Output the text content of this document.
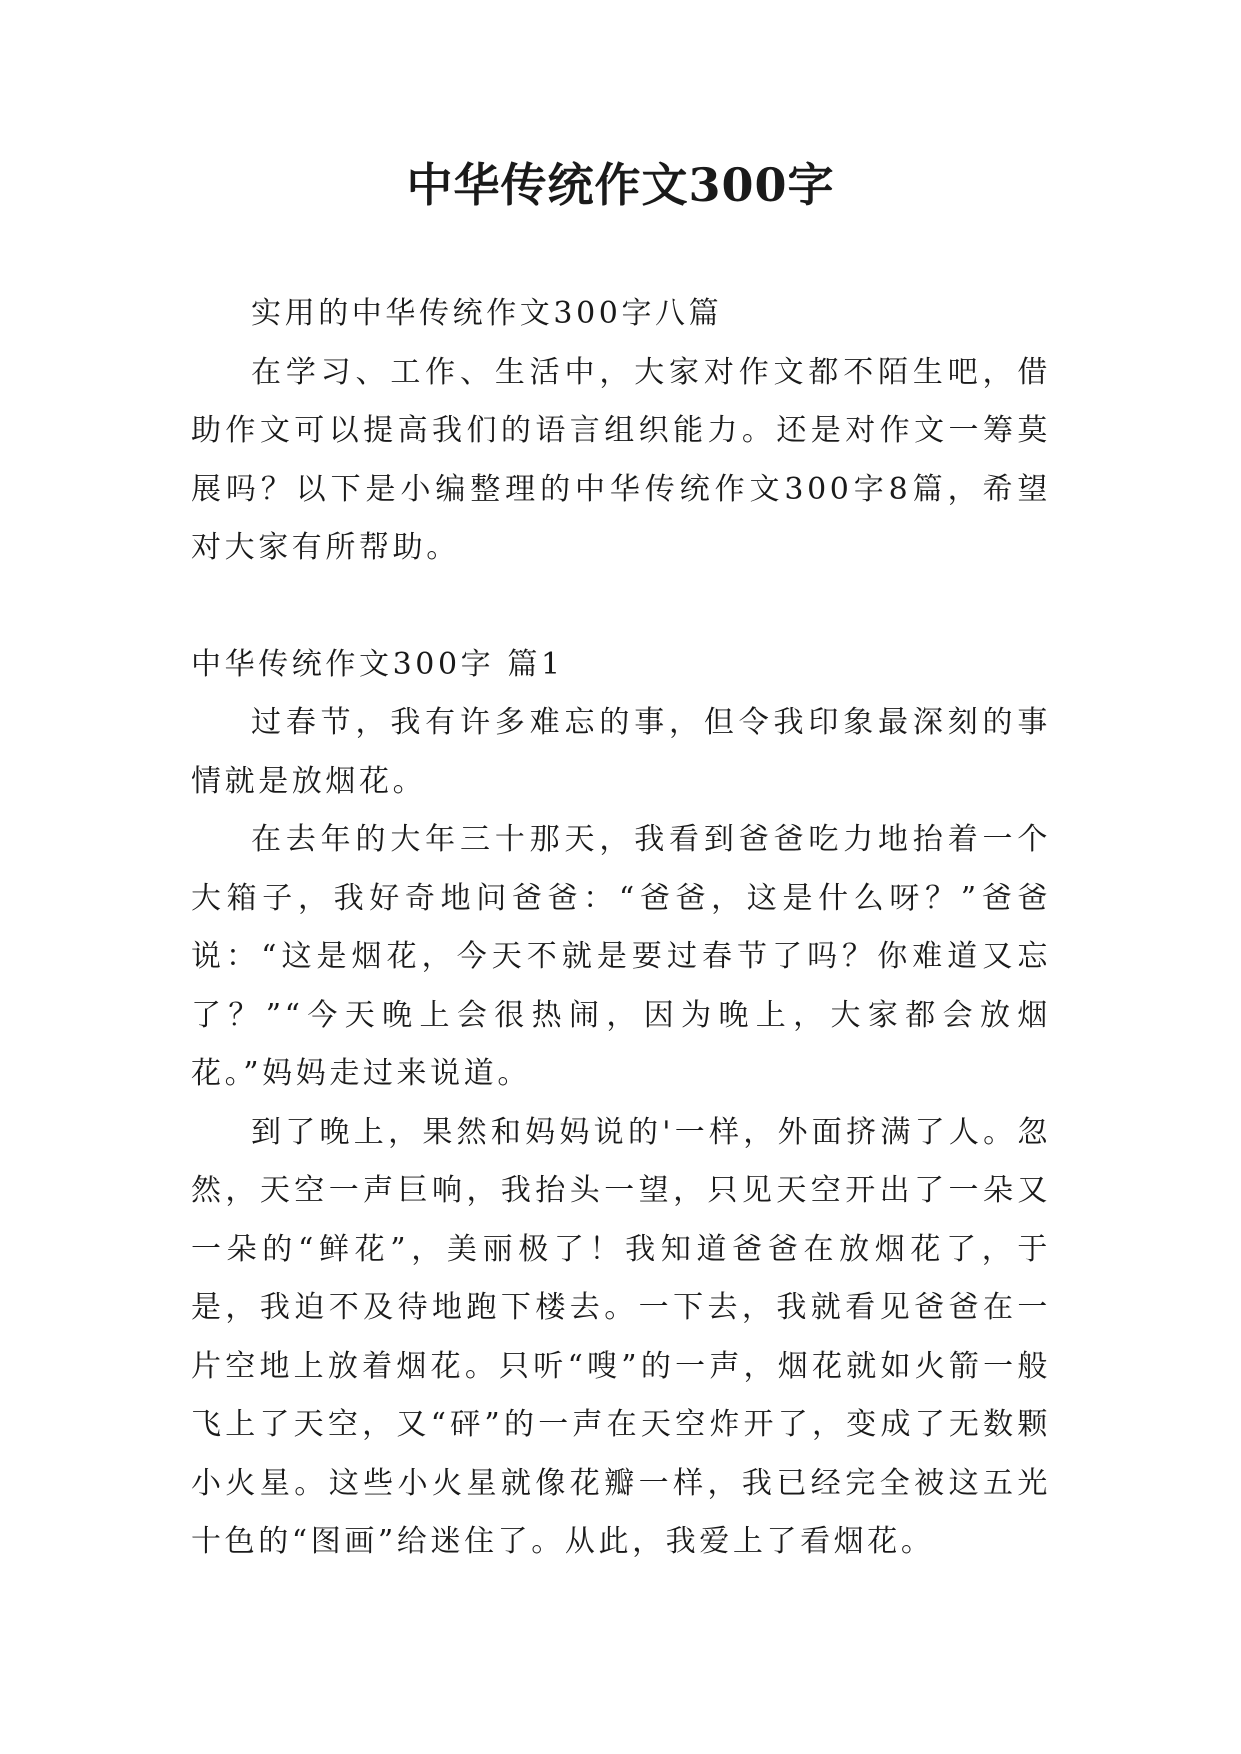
中华传统作文300字

实用的中华传统作文300字八篇

在学习、工作、生活中，大家对作文都不陌生吧，借助作文可以提高我们的语言组织能力。还是对作文一筹莫展吗？以下是小编整理的中华传统作文300字8篇，希望对大家有所帮助。

中华传统作文300字 篇1

过春节，我有许多难忘的事，但令我印象最深刻的事情就是放烟花。

在去年的大年三十那天，我看到爸爸吃力地抬着一个大箱子，我好奇地问爸爸：“爸爸，这是什么呀？”爸爸说：“这是烟花，今天不就是要过春节了吗？你难道又忘了？”“今天晚上会很热闹，因为晚上，大家都会放烟花。”妈妈走过来说道。

到了晚上，果然和妈妈说的'一样，外面挤满了人。忽然，天空一声巨响，我抬头一望，只见天空开出了一朵又一朵的“鲜花”，美丽极了！我知道爸爸在放烟花了，于是，我迫不及待地跑下楼去。一下去，我就看见爸爸在一片空地上放着烟花。只听“嗖”的一声，烟花就如火箭一般飞上了天空，又“砰”的一声在天空炸开了，变成了无数颗小火星。这些小火星就像花瓣一样，我已经完全被这五光十色的“图画”给迷住了。从此，我爱上了看烟花。
